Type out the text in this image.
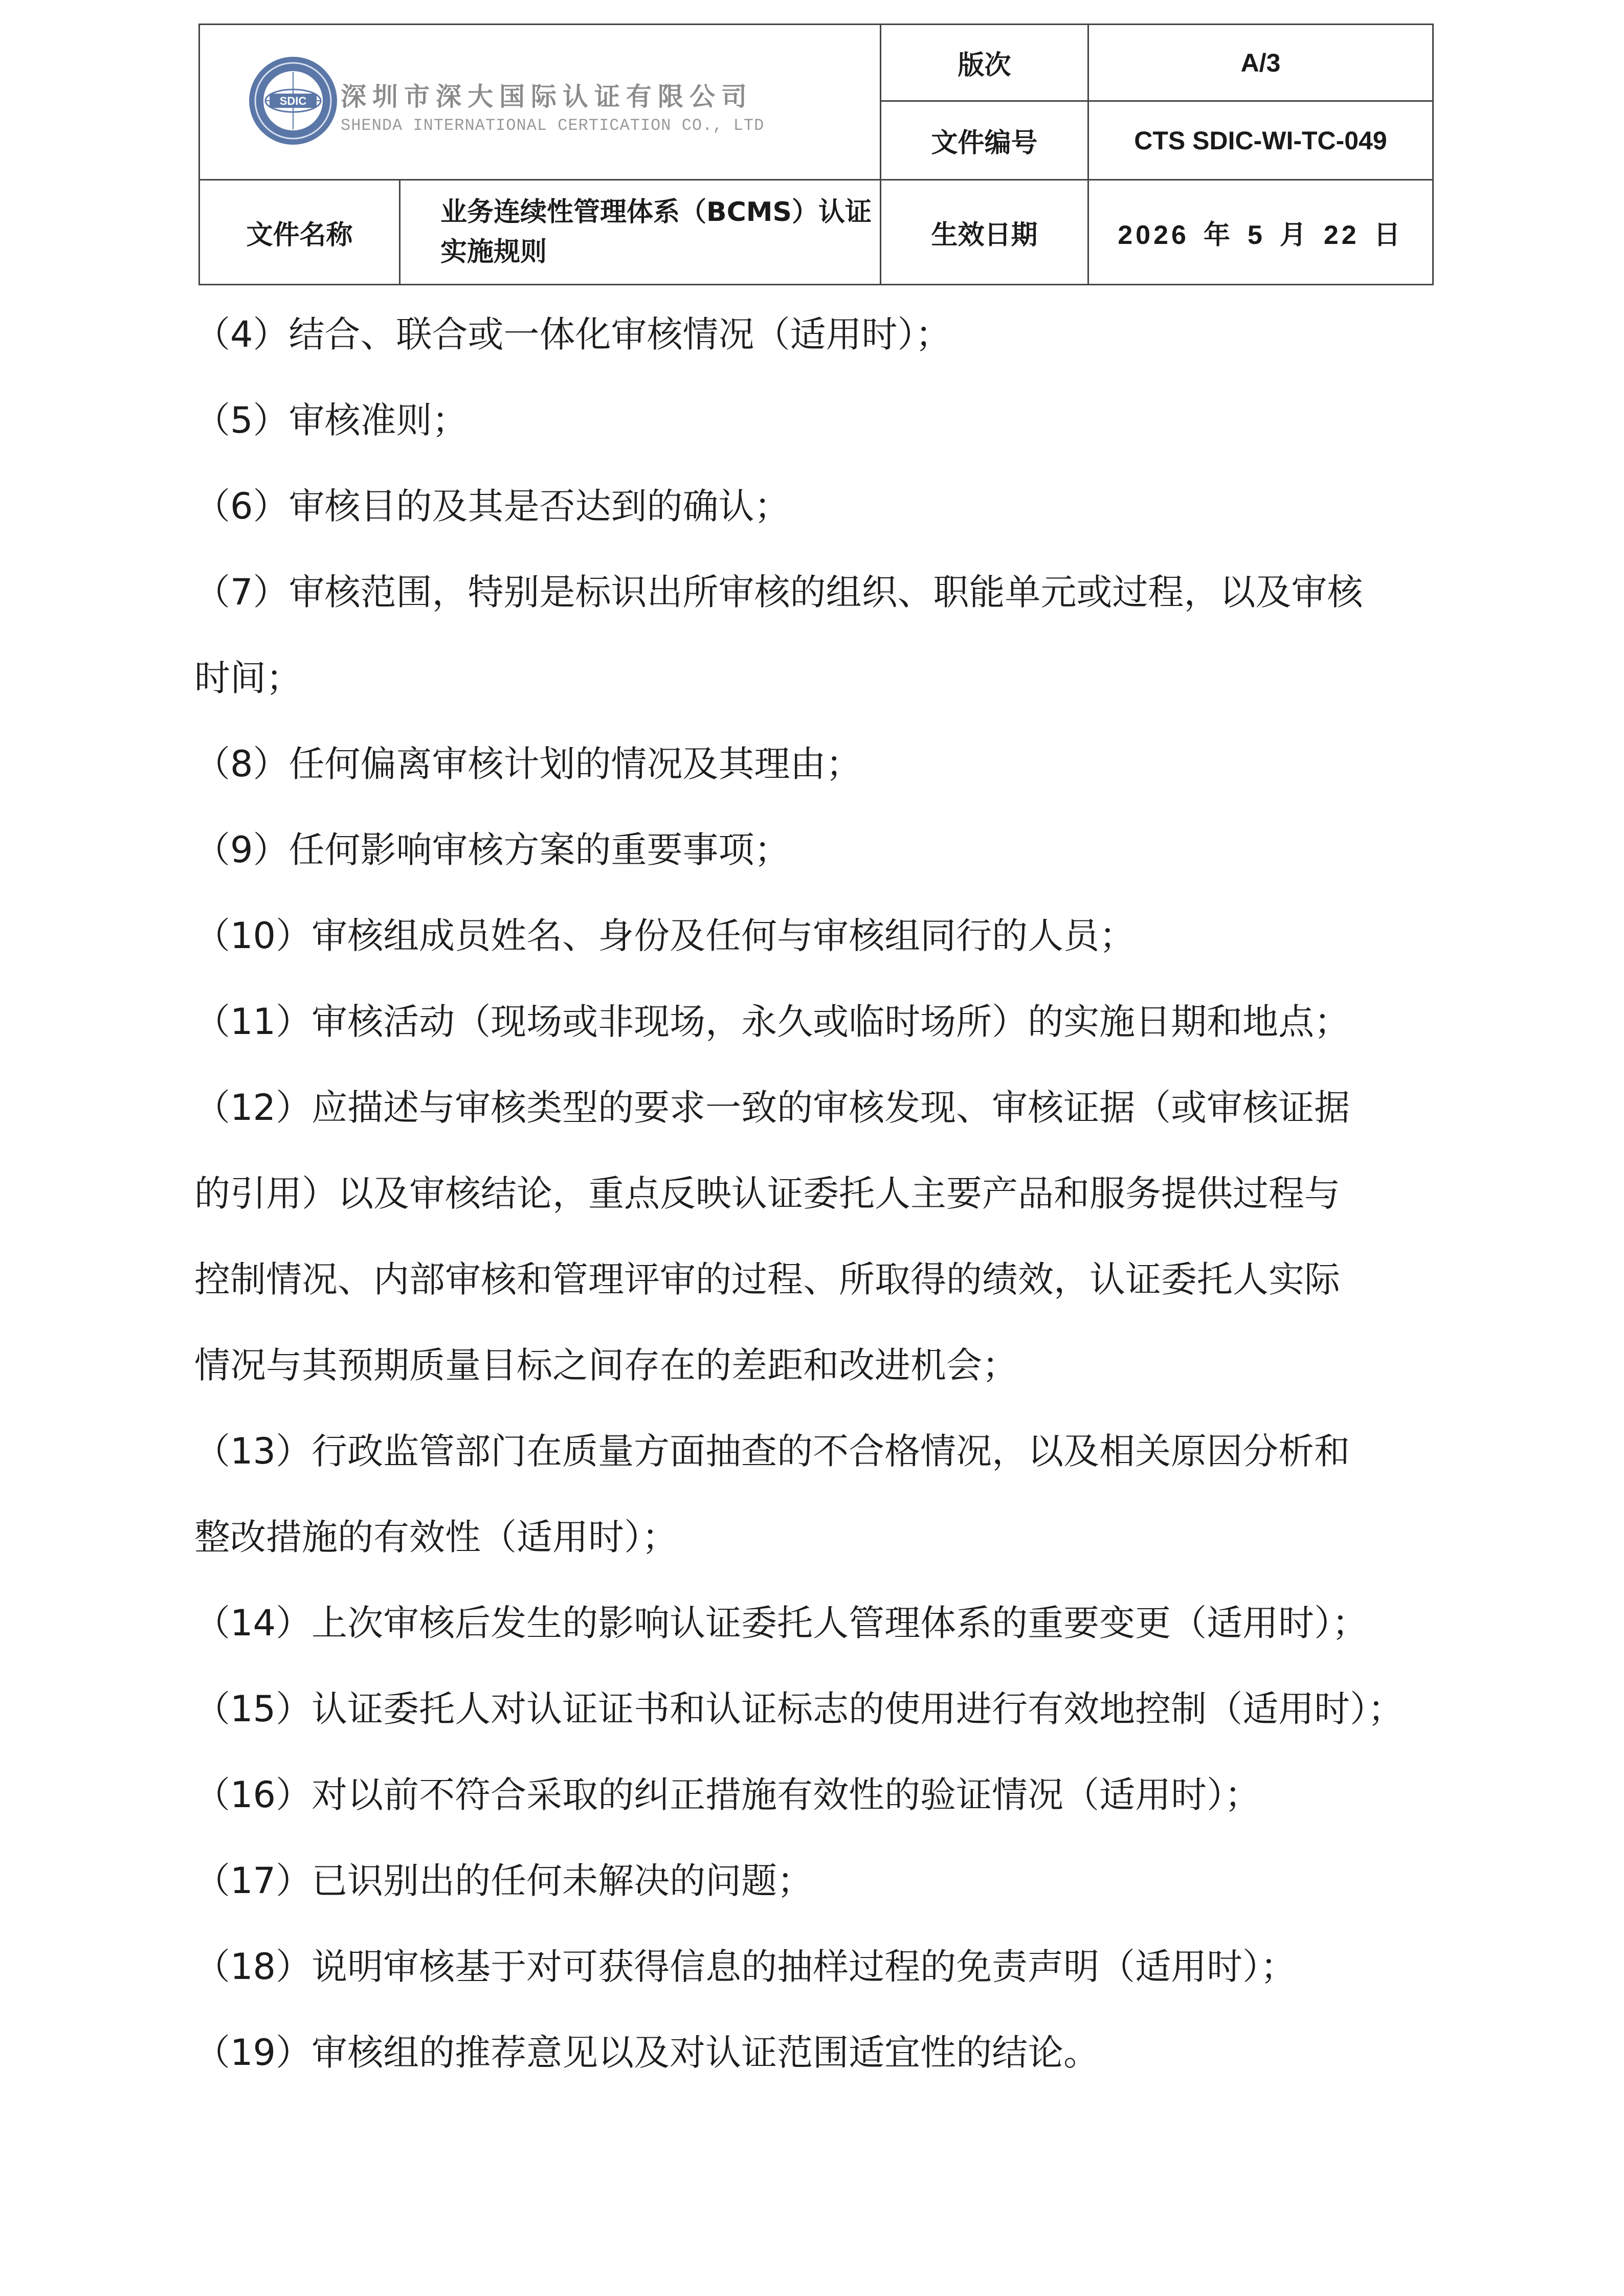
SDIC 深圳市深大国际认证有限公司
SHENDA INTERNATIONAL CERTICATION CO., LTD		版次	A/3
		文件编号	CTS SDIC-WI-TC-049
文件名称	业务连续性管理体系（BCMS）认证实施规则	生效日期	2026 年 5 月 22 日
（4）结合、联合或一体化审核情况（适用时）；
（5）审核准则；
（6）审核目的及其是否达到的确认；
（7）审核范围，特别是标识出所审核的组织、职能单元或过程，以及审核
时间；
（8）任何偏离审核计划的情况及其理由；
（9）任何影响审核方案的重要事项；
（10）审核组成员姓名、身份及任何与审核组同行的人员；
（11）审核活动（现场或非现场，永久或临时场所）的实施日期和地点；
（12）应描述与审核类型的要求一致的审核发现、审核证据（或审核证据
的引用）以及审核结论，重点反映认证委托人主要产品和服务提供过程与
控制情况、内部审核和管理评审的过程、所取得的绩效，认证委托人实际
情况与其预期质量目标之间存在的差距和改进机会；
（13）行政监管部门在质量方面抽查的不合格情况，以及相关原因分析和
整改措施的有效性（适用时）；
（14）上次审核后发生的影响认证委托人管理体系的重要变更（适用时）；
（15）认证委托人对认证证书和认证标志的使用进行有效地控制（适用时）；
（16）对以前不符合采取的纠正措施有效性的验证情况（适用时）；
（17）已识别出的任何未解决的问题；
（18）说明审核基于对可获得信息的抽样过程的免责声明（适用时）；
（19）审核组的推荐意见以及对认证范围适宜性的结论。
